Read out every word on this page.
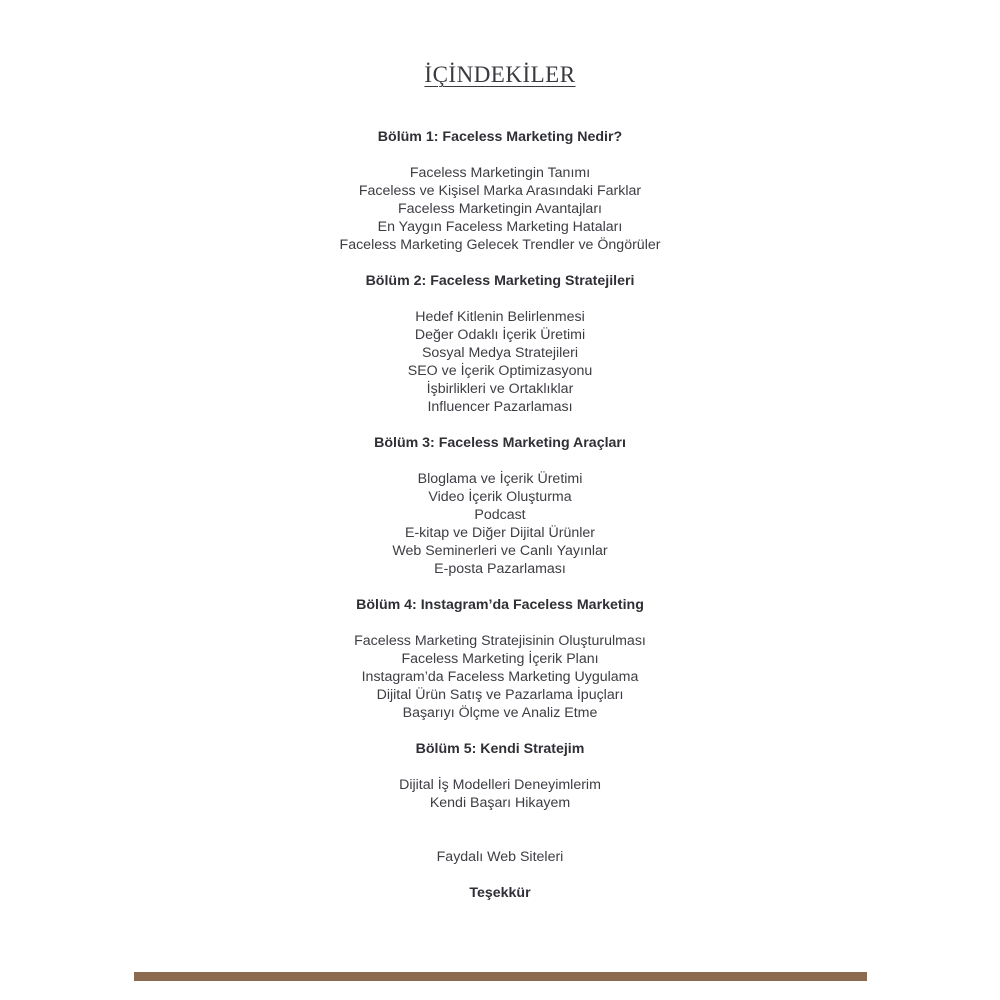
İÇİNDEKİLER
Bölüm 1: Faceless Marketing Nedir?
Faceless Marketingin Tanımı
Faceless ve Kişisel Marka Arasındaki Farklar
Faceless Marketingin Avantajları
En Yaygın Faceless Marketing Hataları
Faceless Marketing Gelecek Trendler ve Öngörüler
Bölüm 2: Faceless Marketing Stratejileri
Hedef Kitlenin Belirlenmesi
Değer Odaklı İçerik Üretimi
Sosyal Medya Stratejileri
SEO ve İçerik Optimizasyonu
İşbirlikleri ve Ortaklıklar
Influencer Pazarlaması
Bölüm 3: Faceless Marketing Araçları
Bloglama ve İçerik Üretimi
Video İçerik Oluşturma
Podcast
E-kitap ve Diğer Dijital Ürünler
Web Seminerleri ve Canlı Yayınlar
E-posta Pazarlaması
Bölüm 4: Instagram’da Faceless Marketing
Faceless Marketing Stratejisinin Oluşturulması
Faceless Marketing İçerik Planı
Instagram’da Faceless Marketing Uygulama
Dijital Ürün Satış ve Pazarlama İpuçları
Başarıyı Ölçme ve Analiz Etme
Bölüm 5: Kendi Stratejim
Dijital İş Modelleri Deneyimlerim
Kendi Başarı Hikayem
Faydalı Web Siteleri
Teşekkür
